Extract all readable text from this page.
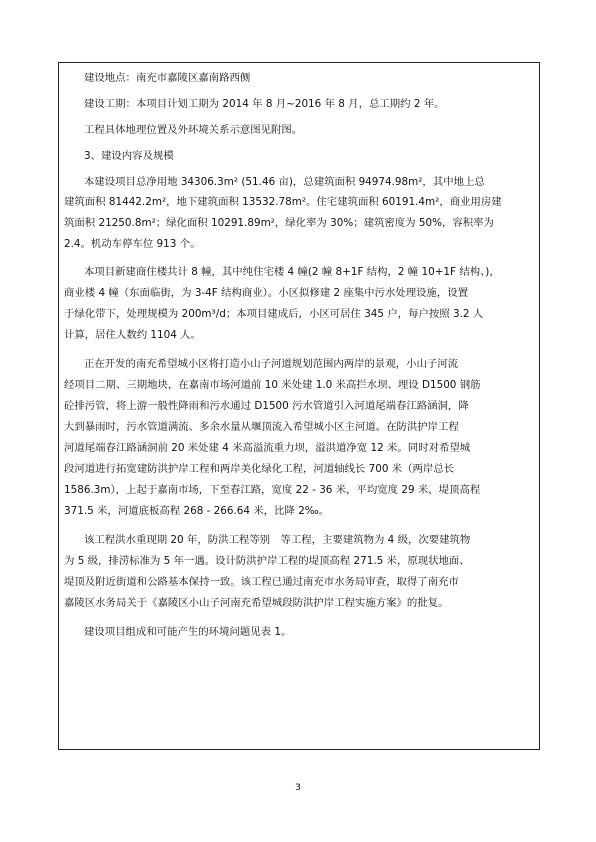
建设地点：南充市嘉陵区嘉南路西侧

建设工期：本项目计划工期为 2014 年 8 月~2016 年 8 月，总工期约 2 年。

工程具体地理位置及外环境关系示意图见附图。

3、建设内容及规模

本建设项目总净用地 34306.3m² (51.46 亩)，总建筑面积 94974.98m²，其中地上总

建筑面积 81442.2m²，地下建筑面积 13532.78m²。住宅建筑面积 60191.4m²，商业用房建

筑面积 21250.8m²；绿化面积 10291.89m²，绿化率为 30%；建筑密度为 50%，容积率为

2.4。机动车停车位 913 个。

本项目新建商住楼共计 8 幢，其中纯住宅楼 4 幢(2 幢 8+1F 结构，2 幢 10+1F 结构、)，

商业楼 4 幢（东面临街，为 3-4F 结构商业）。小区拟修建 2 座集中污水处理设施，设置

于绿化带下，处理规模为 200m³/d；本项目建成后，小区可居住 345 户，每户按照 3.2 人

计算，居住人数约 1104 人。

正在开发的南充希望城小区将打造小山子河道规划范围内两岸的景观，小山子河流

经项目二期、三期地块，在嘉南市场河道前 10 米处建 1.0 米高拦水坝、埋设 D1500 钢筋

砼排污管，将上游一般性降雨和污水通过 D1500 污水管道引入河道尾端春江路涵洞，降

大到暴雨时，污水管道满流、多余水量从堰顶流入希望城小区主河道。在防洪护岸工程

河道尾端春江路涵洞前 20 米处建 4 米高溢流重力坝，溢洪道净宽 12 米。同时对希望城

段河道进行拓宽建防洪护岸工程和两岸美化绿化工程，河道轴线长 700 米（两岸总长

1586.3m），上起于嘉南市场，下至春江路，宽度 22 - 36 米，平均宽度 29 米，堤顶高程

371.5 米，河道底板高程 268 - 266.64 米，比降 2‰。

该工程洪水重现期 20 年，防洪工程等别　等工程，主要建筑物为 4 级，次要建筑物

为 5 级，排涝标准为 5 年一遇。设计防洪护岸工程的堤顶高程 271.5 米，原现状地面、

堤顶及附近街道和公路基本保持一致。该工程已通过南充市水务局审查，取得了南充市

嘉陵区水务局关于《嘉陵区小山子河南充希望城段防洪护岸工程实施方案》的批复。

建设项目组成和可能产生的环境问题见表 1。

3
